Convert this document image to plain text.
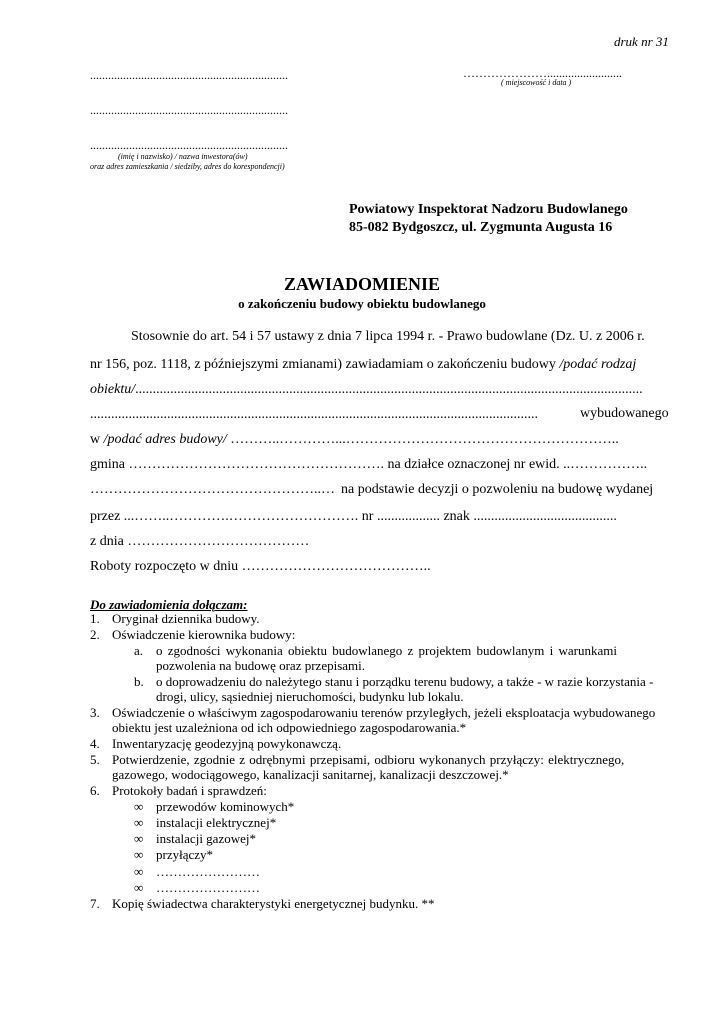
druk nr 31
..................................................................	………………….........................
( miejscowość i data )
..................................................................
..................................................................
(imię i nazwisko) / nazwa inwestora(ów)
oraz adres zamieszkania / siedziby, adres do korespondencji)
Powiatowy Inspektorat Nadzoru Budowlanego
85-082 Bydgoszcz, ul. Zygmunta Augusta 16
ZAWIADOMIENIE
o zakończeniu budowy obiektu budowlanego
Stosownie do art. 54 i 57 ustawy z dnia 7 lipca 1994 r. - Prawo budowlane (Dz. U. z 2006 r.
nr 156, poz. 1118, z późniejszymi zmianami) zawiadamiam o zakończeniu budowy /podać rodzaj
obiektu/.................................................................................................................................................
................................................................................................................................	wybudowanego
w /podać adres budowy/ ………..…………...…………………………………………………..
gmina ………………………………………………. na działce oznaczonej nr ewid. ..……………..
…………………………………………..… na podstawie decyzji o pozwoleniu na budowę wydanej
przez ...……..………….………………………. nr .................. znak .........................................
z dnia …………………………………
Roboty rozpoczęto w dniu …………………………………..
Do zawiadomienia dołączam:
1. Oryginał dziennika budowy.
2. Oświadczenie kierownika budowy:
a. o zgodności wykonania obiektu budowlanego z projektem budowlanym i warunkami
pozwolenia na budowę oraz przepisami.
b. o doprowadzeniu do należytego stanu i porządku terenu budowy, a także - w razie korzystania -
drogi, ulicy, sąsiedniej nieruchomości, budynku lub lokalu.
3. Oświadczenie o właściwym zagospodarowaniu terenów przyległych, jeżeli eksploatacja wybudowanego
obiektu jest uzależniona od ich odpowiedniego zagospodarowania.*
4. Inwentaryzację geodezyjną powykonawczą.
5. Potwierdzenie, zgodnie z odrębnymi przepisami, odbioru wykonanych przyłączy: elektrycznego,
gazowego, wodociągowego, kanalizacji sanitarnej, kanalizacji deszczowej.*
6. Protokoły badań i sprawdzeń:
∞ przewodów kominowych*
∞ instalacji elektrycznej*
∞ instalacji gazowej*
∞ przyłączy*
∞ ……………………
∞ ……………………
7. Kopię świadectwa charakterystyki energetycznej budynku. **
